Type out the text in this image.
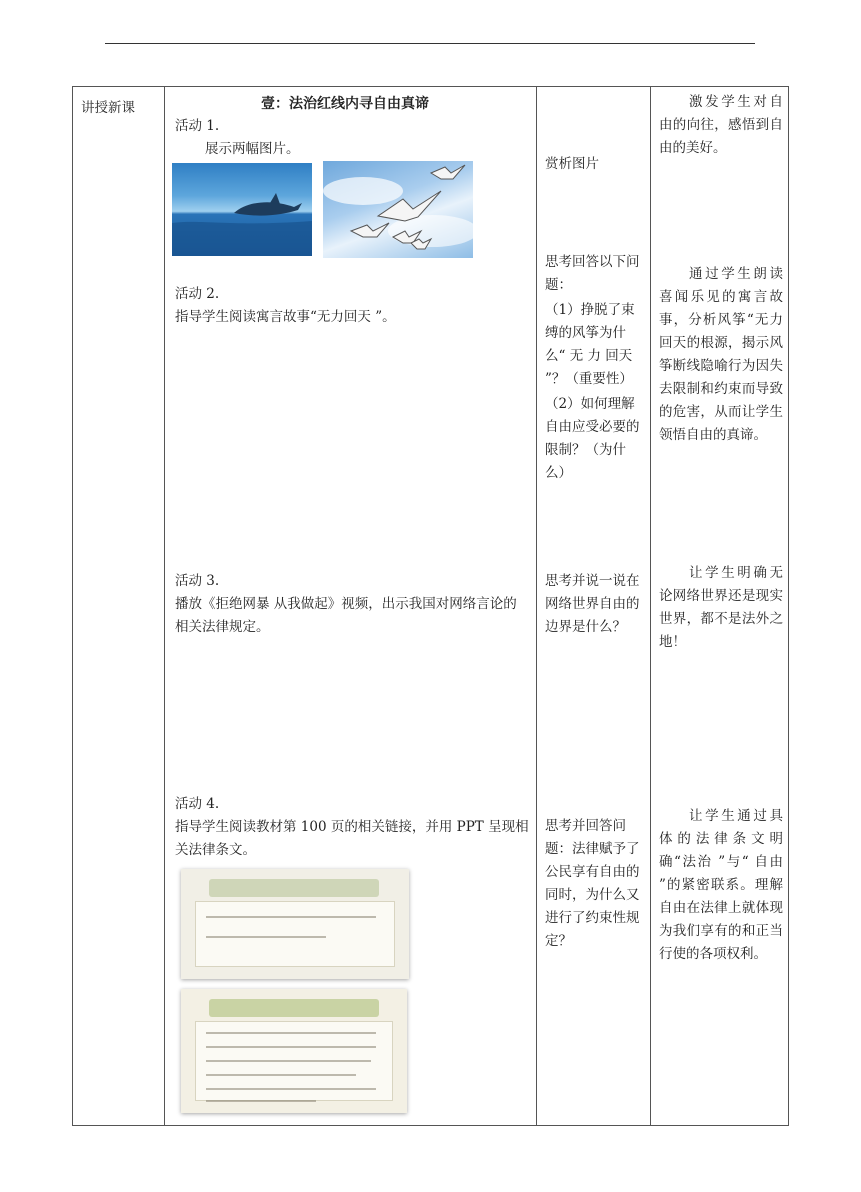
讲授新课	壹：法治红线内寻自由真谛

活动 1.

展示两幅图片。

赏析图片
激发学生对自由的向往，感悟到自由的美好。

活动 2.

指导学生阅读寓言故事“无力回天 ”。

思考回答以下问题：

（1）挣脱了束缚的风筝为什么“ 无 力 回天 ”？（重要性）

（2）如何理解自由应受必要的限制？（为什么）

通过学生朗读喜闻乐见的寓言故事，分析风筝“无力回天的根源，揭示风筝断线隐喻行为因失去限制和约束而导致的危害，从而让学生领悟自由的真谛。

活动 3.

播放《拒绝网暴 从我做起》视频，出示我国对网络言论的相关法律规定。

思考并说一说在网络世界自由的边界是什么？
让学生明确无论网络世界还是现实世界，都不是法外之地！

活动 4.

指导学生阅读教材第 100 页的相关链接，并用 PPT 呈现相关法律条文。

思考并回答问题：法律赋予了公民享有自由的同时，为什么又进行了约束性规定？
让学生通过具体的法律条文明确“法治 ”与“ 自由 ”的紧密联系。理解自由在法律上就体现为我们享有的和正当行使的各项权利。
